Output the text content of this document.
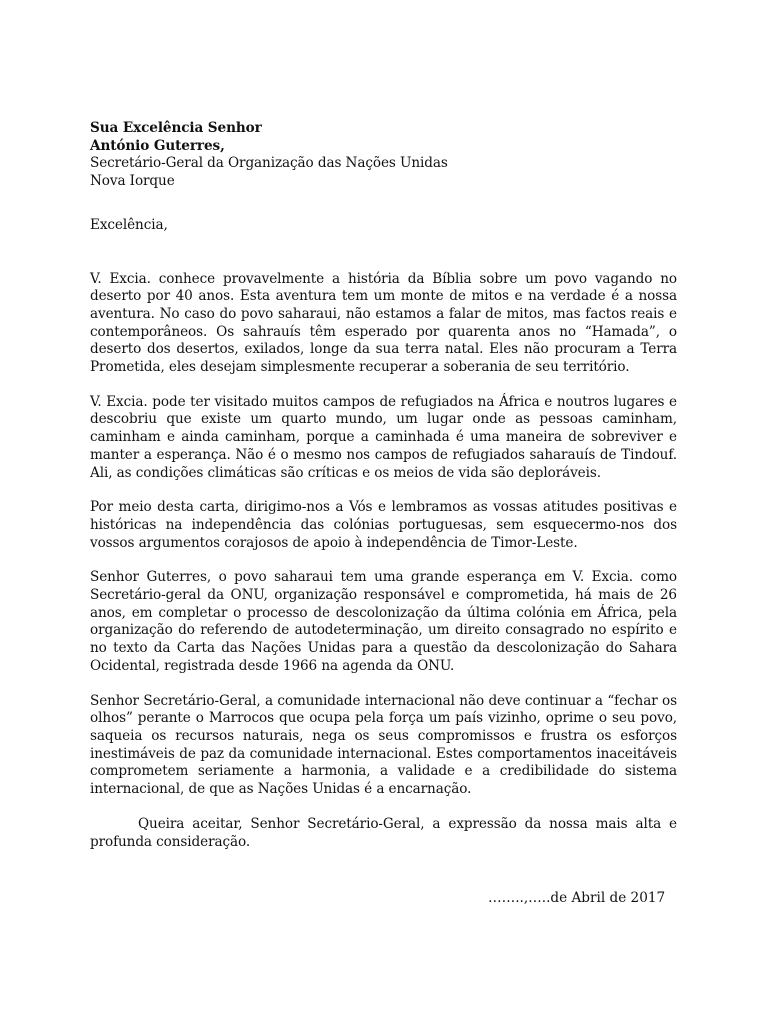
Sua Excelência Senhor
António Guterres,
Secretário-Geral da Organização das Nações Unidas
Nova Iorque

Excelência,

V. Excia. conhece provavelmente a história da Bíblia sobre um povo vagando no deserto por 40 anos. Esta aventura tem um monte de mitos e na verdade é a nossa aventura. No caso do povo saharaui, não estamos a falar de mitos, mas factos reais e contemporâneos. Os sahrauís têm esperado por quarenta anos no “Hamada”, o deserto dos desertos, exilados, longe da sua terra natal. Eles não procuram a Terra Prometida, eles desejam simplesmente recuperar a soberania de seu território.

V. Excia. pode ter visitado muitos campos de refugiados na África e noutros lugares e descobriu que existe um quarto mundo, um lugar onde as pessoas caminham, caminham e ainda caminham, porque a caminhada é uma maneira de sobreviver e manter a esperança. Não é o mesmo nos campos de refugiados saharauís de Tindouf. Ali, as condições climáticas são críticas e os meios de vida são deploráveis.

Por meio desta carta, dirigimo-nos a Vós e lembramos as vossas atitudes positivas e históricas na independência das colónias portuguesas, sem esquecermo-nos dos vossos argumentos corajosos de apoio à independência de Timor-Leste.

Senhor Guterres, o povo saharaui tem uma grande esperança em V. Excia. como Secretário-geral da ONU, organização responsável e comprometida, há mais de 26 anos, em completar o processo de descolonização da última colónia em África, pela organização do referendo de autodeterminação, um direito consagrado no espírito e no texto da Carta das Nações Unidas para a questão da descolonização do Sahara Ocidental, registrada desde 1966 na agenda da ONU.

Senhor Secretário-Geral, a comunidade internacional não deve continuar a “fechar os olhos” perante o Marrocos que ocupa pela força um país vizinho, oprime o seu povo, saqueia os recursos naturais, nega os seus compromissos e frustra os esforços inestimáveis de paz da comunidade internacional. Estes comportamentos inaceitáveis comprometem seriamente a harmonia, a validade e a credibilidade do sistema internacional, de que as Nações Unidas é a encarnação.

Queira aceitar, Senhor Secretário-Geral, a expressão da nossa mais alta e profunda consideração.

……..,…..de Abril de 2017
